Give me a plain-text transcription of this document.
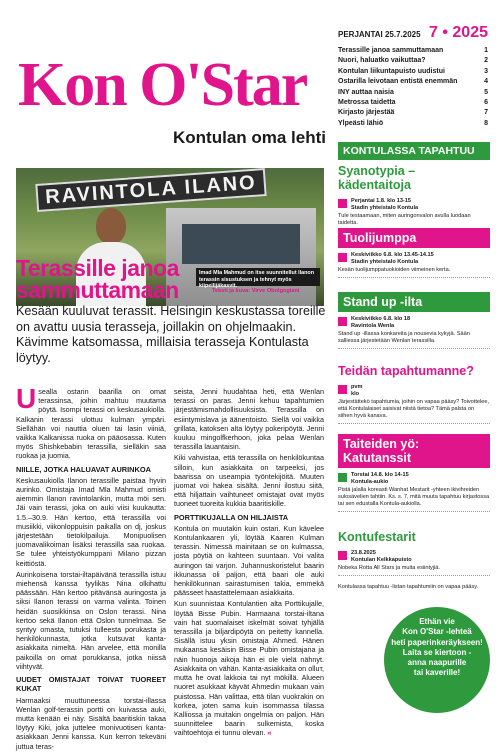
PERJANTAI 25.7.2025 7 • 2025
Terassille janoa sammuttamaan	1
Nuori, haluatko vaikuttaa?	2
Kontulan liikuntapuisto uudistui	3
Ostarilla leivotaan entistä enemmän	4
INY auttaa naisia	5
Metrossa taidetta	6
Kirjasto järjestää	7
Ylpeästi lähiö	8
Kon O'Star
Kontulan oma lehti
RAVINTOLA ILANO
Imad Mla Mahmud on itse suunnitellut Ilanon terassin sisustuksen ja tehnyt myös kiipeilijäkasvit.
Terassille janoa sammuttamaan	Teksti ja kuva: Virve Obolgogiani
Kesään kuuluvat terassit. Helsingin keskustassa toreille on avattu uusia terasseja, joillakin on ohjelmaakin. Kävimme katsomassa, millaisia terasseja Kontulasta löytyy.

Usealla ostarin baarilla on omat terassinsa, joihin mahtuu muutama pöytä. Isompi terassi on keskusaukiolla. Kalkanin terassi ulottuu kulman ympäri. Siellähän voi nauttia oluen tai lasin viiniä, vaikka Kalkanissa ruoka on pääosassa. Kuten myös Shishkebabin terassilla, sielläkin saa ruokaa ja juomia.

NIILLE, JOTKA HALUAVAT AURINKOA

Keskusaukiolla Ilanon terassille paistaa hyvin aurinko. Omistaja Imad Mla Mahmud omisti aiemmin Ilanon ravintolankin, mutta möi sen. Jäi vain terassi, joka on auki viisi kuukautta: 1.5.–30.9. Hän kertoo, että terassilla voi musiikki, viikonloppuisin paikalla on dj, joskus järjestetään tietokilpailuja. Monipuolisen juomavalikoiman lisäksi terassilla saa ruokaa. Se tulee yhteistyökumppani Milano pizzan keittiöstä.

Aurinkoisena torstai-iltapäivänä terassilla istuu miehensä kanssa tyylikäs Nina olkihattu päässään. Hän kertoo pitävänsä auringosta ja siksi Ilanon terassi on varma valinta. Toinen heidän suosikkinsa on Oslon terassi. Nina kertoo sekä Ilanon että Oslon tunnelmaa. Se syntyy omasta, tutuksi tulleesta porukasta ja henkilökunnasta, jotka kutsuvat kanta-asiakkaita nimeltä. Hän arvelee, että monilla paikoilla on omat porukkansa, jotka niissä viihtyvät.

UUDET OMISTAJAT TOIVAT TUOREET KUKAT

Harmaaksi muuttuneessa torstai-illassa Wenlan golf-terassin portti on kuivassa auki, mutta kenään ei näy. Sisältä baaritiskin takaa löytyy Kiki, joka juttelee monivuotisen kanta-asiakkaan Jenni kanssa. Kun kerron tekeväni juttua teras-

seista, Jenni huudahtaa heti, että Wenlan terassi on paras. Jenni kehuu tapahtumien järjestämismahdollisuuksista. Terassilla on esiintymislava ja äänentoisto. Siellä voi vaikka grillata, katoksen alta löytyy pokeripöytä. Jenni kuuluu mingolfkerhoon, joka pelaa Wenlan terassilla lauantaisin.

Kiki vahvistaa, että terassilla on henkilökuntaa silloin, kun asiakkaita on tarpeeksi, jos baarissa on useampia työntekijöitä. Muuten juomat voi hakea sisältä. Jenni ilostuu siitä, että hiljattain vaihtuneet omistajat ovat myös tuoneet tuoreita kukkia baaritiskille.

PORTTIKUJALLA ON HILJAISTA

Kontula on muutakin kuin ostari. Kun kävelee Kontulankaaren yli, löytää Kaaren Kulman terassin. Nimessä mainitaan se on kulmassa, josta pöytiä on kahteen suuntaan. Voi valita auringon tai varjon. Juhannuskoristelut baarin ikkunassa oli paljon, että baari ole auki henkilökunnan sairastumisen takia, emmekä päässeet haastattelemaan asiakkaita.

Kun suunnistaa Kontulantien alta Porttikujalle, löytää Bisse Pubin. Harmaana torstai-iltana vain hat suomalaiset iskelmät soivat tyhjällä terassilla ja biljardipöytä on peitetty kannella. Sisällä istuu yksin omistaja Ahmed. Hänen mukaansa kesäisin Bisse Pubin omistajana ja näin huonoja aikoja hän ei ole vielä nähnyt. Asiakkaita on vähän. Kanta-asiakkaita on olluт, mutta he ovat lakkoia tai nyt mökillä. Alueen nuoret asukkaat käyvät Ahmedin mukaan vain puistossa. Hän valittaa, että tilan vuokrakin on korkea, joten sama kuin isommassa tilassa Kalliossa ja muitakin ongelmia on paljon. Hän suunnittelee baarin sulkemista, koska vaihtoehtoja ei tunnu olevan. «

KONTULASSA TAPAHTUU
Syanotypia – kädentaitoja
Perjantai 1.8. klo 13-15
Stadin yhteistalo Kontula
Tule testaamaan, miten auringonvalon avulla luodaan taidetta.
Tuolijumppa
Keskiviikko 6.8. klo 13.45-14.15
Stadin yhteistalo Kontula
Kesän tuolijumppatuokioiden viimeinen kerta.
Stand up -ilta
Keskiviikko 6.8. klo 18
Ravintola Wenla
Stand up -illassa konkareita ja nousevia kykyjä. Sään salliessa järjestetään Wenlan terassilla.
Teidän tapahtumanne?
pvm
klo
Järjestättekö tapahtumia, joihin on vapaa pääsy? Toivottelee, että Kontulalaiset saisivat niistä tietoa? Tämä palsta on siihen hyvä kanava.
Taiteiden yö: Katutanssit
Torstai 14.8. klo 14-15
Kontula-aukio
Pistä jalalla koreasti Wanhat Mestarit -yhteen ikivihreiden sulosävelien tahtiin. Ks. s. 7, mitä muuta tapahtuu kirjastossa tai sen edustalla Kontula-aukiolla.
Kontufestarit
23.8.2025
Kontulan Kelkkapuisto
Nobeka Rotta All Stars ja muita esiintyjiä.
Kontulassa tapahtuu -listan tapahtumiin on vapaa pääsy.
Ethän vie
Kon O'Star -lehteä
heti paperinkeräykseen!
Laita se kiertoon -
anna naapurille
tai kaverille!
